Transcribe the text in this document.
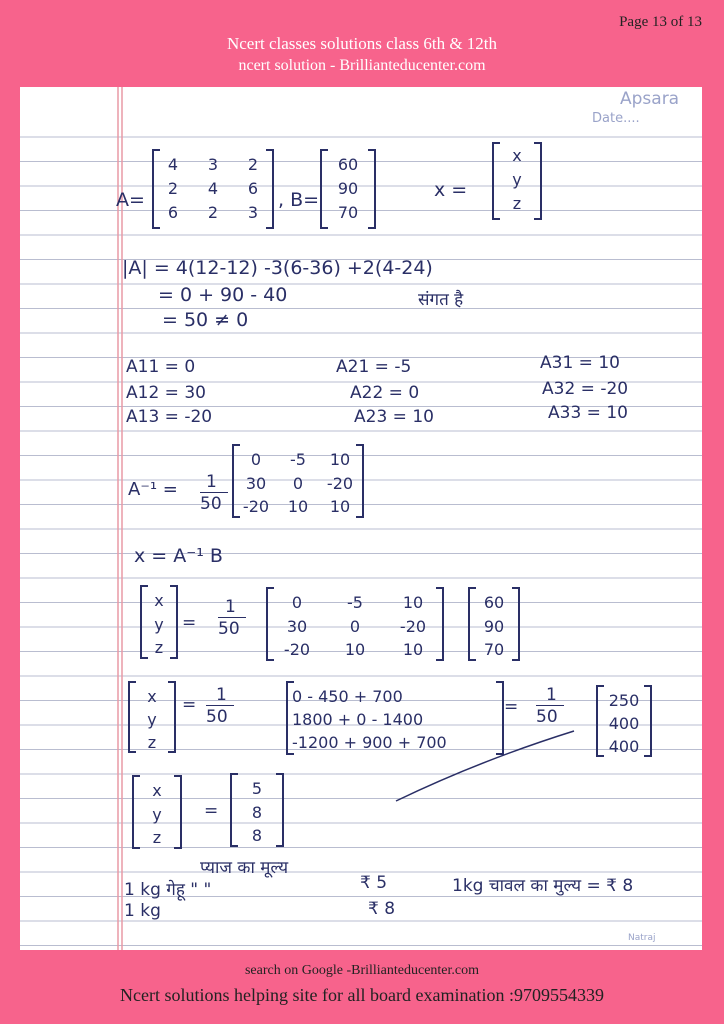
Page 13 of 13
Ncert classes solutions class 6th & 12th
ncert solution - Brillianteducenter.com
Apsara
Date....
A=
4	3	2
2	4	6
6	2	3
, B=
60
90
70
x =
x
y
z
|A| = 4(12-12) -3(6-36) +2(4-24)
= 0 + 90 - 40	संगत है
= 50 ≠ 0
A11 = 0
A12 = 30
A13 = -20
A21 = -5
A22 = 0
A23 = 10
A31 = 10
A32 = -20
A33 = 10
A⁻¹ = 1
50
0	-5	10
30	0	-20
-20	10	10
x = A⁻¹ B
x
y
z
=
1
50
0	-5	10
30	0	-20
-20	10	10
60
90
70
x
y
z
= 1
50
0 - 450 + 700
1800 + 0 - 1400
-1200 + 900 + 700
=
1
50
250
400
400
x
y
z
=
5
8
8
प्याज का मूल्य
1 kg गेहू " "	₹ 5
1 kg	₹ 8
1kg चावल का मुल्य = ₹ 8
Natraj
search on Google -Brillianteducenter.com
Ncert solutions helping site for all board examination :9709554339
